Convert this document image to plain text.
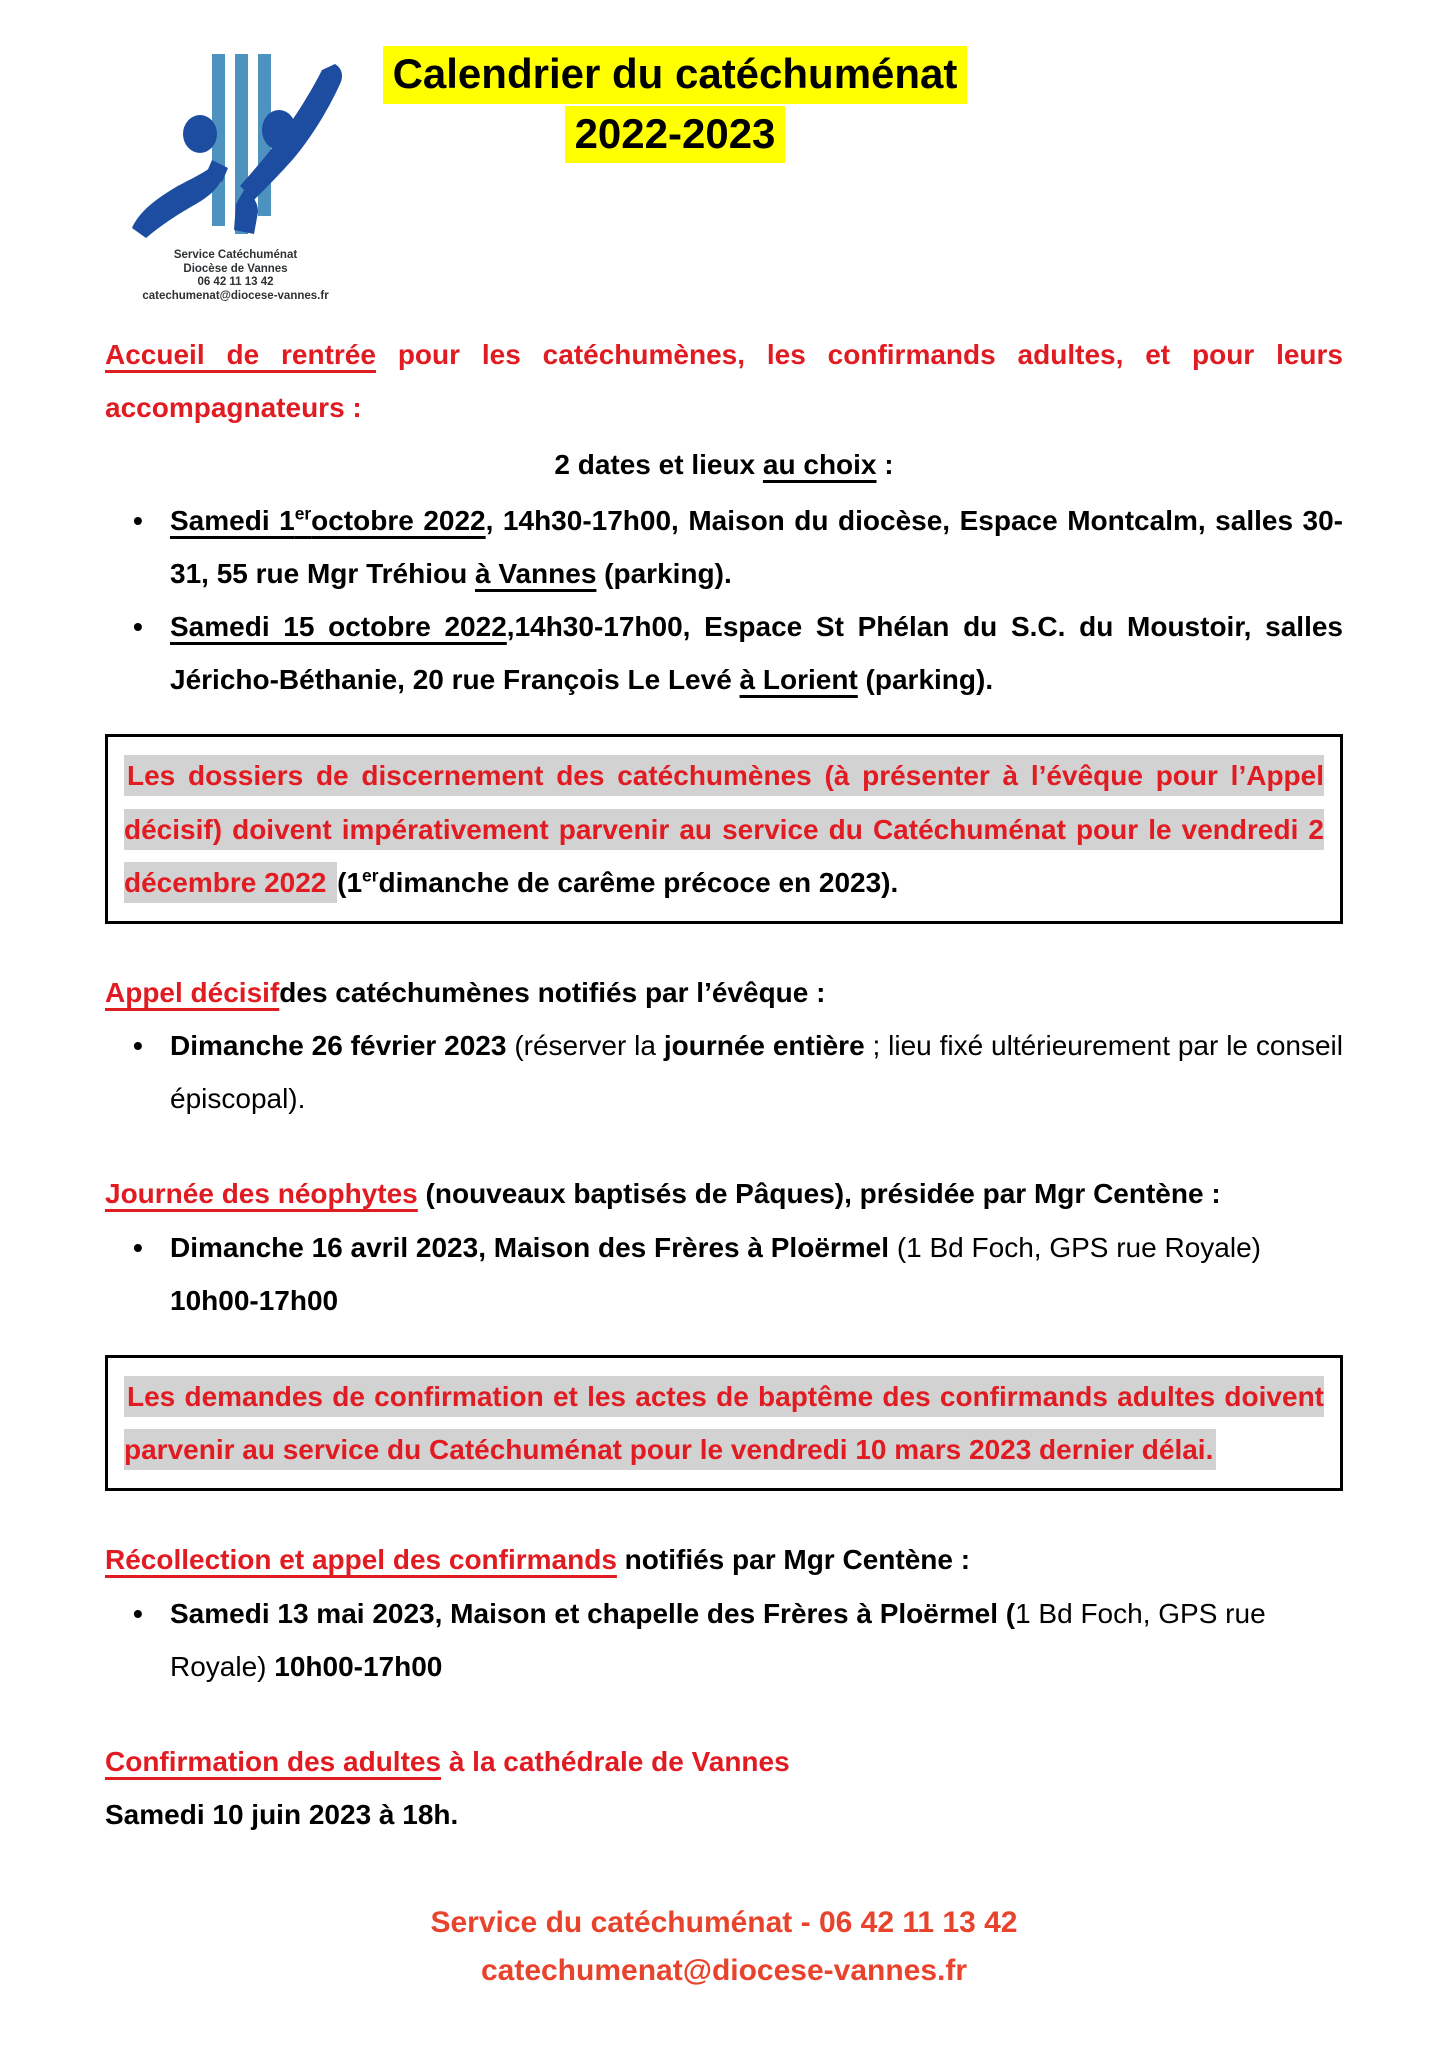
Service Catéchuménat
Diocèse de Vannes
06 42 11 13 42
catechumenat@diocese-vannes.fr
Calendrier du catéchuménat
2022-2023

Accueil de rentrée pour les catéchumènes, les confirmands adultes, et pour leurs accompagnateurs :

2 dates et lieux au choix :

• Samedi 1eroctobre 2022, 14h30-17h00, Maison du diocèse, Espace Montcalm, salles 30-31, 55 rue Mgr Tréhiou à Vannes (parking).
• Samedi 15 octobre 2022,14h30-17h00, Espace St Phélan du S.C. du Moustoir, salles Jéricho-Béthanie, 20 rue François Le Levé à Lorient (parking).
Les dossiers de discernement des catéchumènes (à présenter à l’évêque pour l’Appel décisif) doivent impérativement parvenir au service du Catéchuménat pour le vendredi 2 décembre 2022 (1erdimanche de carême précoce en 2023).

Appel décisifdes catéchumènes notifiés par l’évêque :

• Dimanche 26 février 2023 (réserver la journée entière ; lieu fixé ultérieurement par le conseil épiscopal).

Journée des néophytes (nouveaux baptisés de Pâques), présidée par Mgr Centène :

• Dimanche 16 avril 2023, Maison des Frères à Ploërmel (1 Bd Foch, GPS rue Royale) 10h00-17h00
Les demandes de confirmation et les actes de baptême des confirmands adultes doivent parvenir au service du Catéchuménat pour le vendredi 10 mars 2023 dernier délai.

Récollection et appel des confirmands notifiés par Mgr Centène :

• Samedi 13 mai 2023, Maison et chapelle des Frères à Ploërmel (1 Bd Foch, GPS rue Royale) 10h00-17h00

Confirmation des adultes à la cathédrale de Vannes

Samedi 10 juin 2023 à 18h.

Service du catéchuménat - 06 42 11 13 42
catechumenat@diocese-vannes.fr
